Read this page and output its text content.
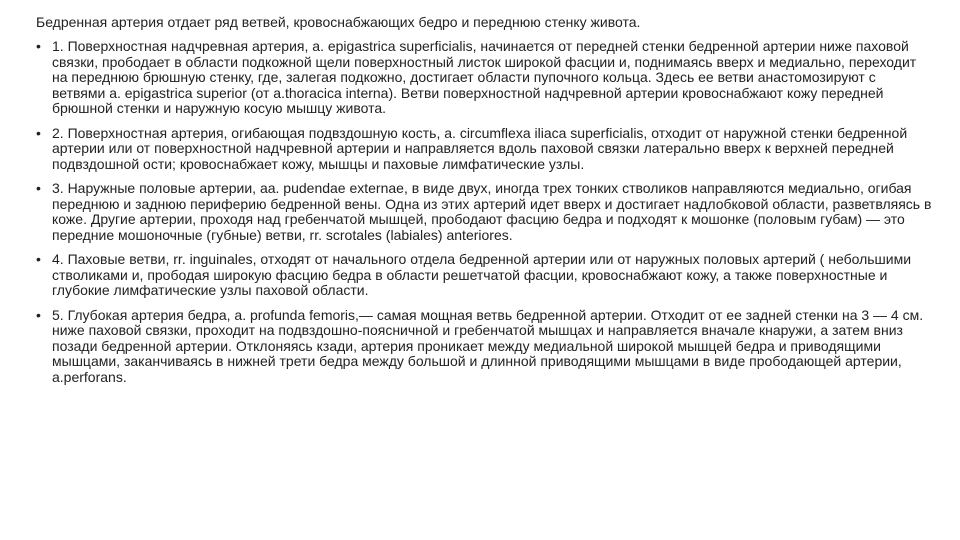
Бедренная артерия отдает ряд ветвей, кровоснабжающих бедро и переднюю стенку живота.

• 1. Поверхностная надчревная артерия, а. epigastrica superficialis, начинается от передней стенки бедренной артерии ниже паховой связки, прободает в области подкожной щели поверхностный листок широкой фасции и, поднимаясь вверх и медиально, переходит на переднюю брюшную стенку, где, залегая подкожно, достигает области пупочного кольца. Здесь ее ветви анастомозируют с ветвями а. epigastrica superior (от a.thoracica interna). Ветви поверхностной надчревной артерии кровоснабжают кожу передней брюшной стенки и наружную косую мышцу живота.
• 2. Поверхностная артерия, огибающая подвздошную кость, a. circumflexa iliaca superficialis, отходит от наружной стенки бедренной артерии или от поверхностной надчревной артерии и направляется вдоль паховой связки латерально вверх к верхней передней подвздошной ости; кровоснабжает кожу, мышцы и паховые лимфатические узлы.
• 3. Наружные половые артерии, аа. pudendae externae, в виде двух, иногда трех тонких стволиков направляются медиально, огибая переднюю и заднюю периферию бедренной вены. Одна из этих артерий идет вверх и достигает надлобковой области, разветвляясь в коже. Другие артерии, проходя над гребенчатой мышцей, прободают фасцию бедра и подходят к мошонке (половым губам) — это передние мошоночные (губные) ветви, rr. scrotales (labiales) anteriores.
• 4. Паховые ветви, rr. inguinales, отходят от начального отдела бедренной артерии или от наружных половых артерий ( небольшими стволиками и, прободая широкую фасцию бедра в области решетчатой фасции, кровоснабжают кожу, а также поверхностные и глубокие лимфатические узлы паховой области.
• 5. Глубокая артерия бедра, а. profunda femoris,— самая мощная ветвь бедренной артерии. Отходит от ее задней стенки на 3 — 4 см. ниже паховой связки, проходит на подвздошно-поясничной и гребенчатой мышцах и направляется вначале кнаружи, а затем вниз позади бедренной артерии. Отклоняясь кзади, артерия проникает между медиальной широкой мышцей бедра и приводящими мышцами, заканчиваясь в нижней трети бедра между большой и длинной приводящими мышцами в виде прободающей артерии, a.perforans.
